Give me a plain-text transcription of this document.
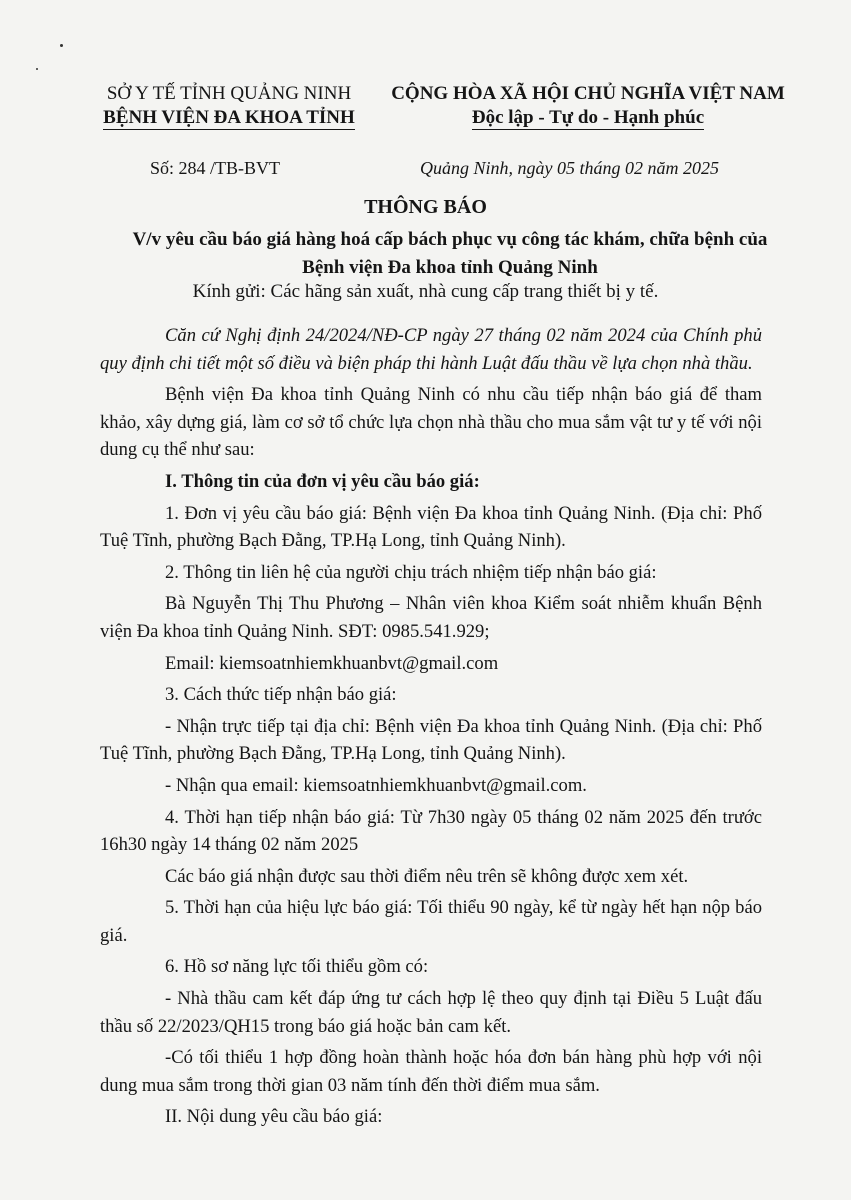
SỞ Y TẾ TỈNH QUẢNG NINH
BỆNH VIỆN ĐA KHOA TỈNH
CỘNG HÒA XÃ HỘI CHỦ NGHĨA VIỆT NAM
Độc lập - Tự do - Hạnh phúc
Số: 284 /TB-BVT	Quảng Ninh, ngày 05 tháng 02 năm 2025
THÔNG BÁO
V/v yêu cầu báo giá hàng hoá cấp bách phục vụ công tác khám, chữa bệnh của Bệnh viện Đa khoa tỉnh Quảng Ninh
Kính gửi: Các hãng sản xuất, nhà cung cấp trang thiết bị y tế.

Căn cứ Nghị định 24/2024/NĐ-CP ngày 27 tháng 02 năm 2024 của Chính phủ quy định chi tiết một số điều và biện pháp thi hành Luật đấu thầu về lựa chọn nhà thầu.

Bệnh viện Đa khoa tỉnh Quảng Ninh có nhu cầu tiếp nhận báo giá để tham khảo, xây dựng giá, làm cơ sở tổ chức lựa chọn nhà thầu cho mua sắm vật tư y tế với nội dung cụ thể như sau:

I. Thông tin của đơn vị yêu cầu báo giá:

1. Đơn vị yêu cầu báo giá: Bệnh viện Đa khoa tỉnh Quảng Ninh. (Địa chỉ: Phố Tuệ Tĩnh, phường Bạch Đằng, TP.Hạ Long, tỉnh Quảng Ninh).

2. Thông tin liên hệ của người chịu trách nhiệm tiếp nhận báo giá:

Bà Nguyễn Thị Thu Phương – Nhân viên khoa Kiểm soát nhiễm khuẩn Bệnh viện Đa khoa tỉnh Quảng Ninh. SĐT: 0985.541.929;

Email: kiemsoatnhiemkhuanbvt@gmail.com

3. Cách thức tiếp nhận báo giá:

- Nhận trực tiếp tại địa chỉ: Bệnh viện Đa khoa tỉnh Quảng Ninh. (Địa chỉ: Phố Tuệ Tĩnh, phường Bạch Đằng, TP.Hạ Long, tỉnh Quảng Ninh).

- Nhận qua email: kiemsoatnhiemkhuanbvt@gmail.com.

4. Thời hạn tiếp nhận báo giá: Từ 7h30 ngày 05 tháng 02 năm 2025 đến trước 16h30 ngày 14 tháng 02 năm 2025

Các báo giá nhận được sau thời điểm nêu trên sẽ không được xem xét.

5. Thời hạn của hiệu lực báo giá: Tối thiểu 90 ngày, kể từ ngày hết hạn nộp báo giá.

6. Hồ sơ năng lực tối thiểu gồm có:

- Nhà thầu cam kết đáp ứng tư cách hợp lệ theo quy định tại Điều 5 Luật đấu thầu số 22/2023/QH15 trong báo giá hoặc bản cam kết.

-Có tối thiểu 1 hợp đồng hoàn thành hoặc hóa đơn bán hàng phù hợp với nội dung mua sắm trong thời gian 03 năm tính đến thời điểm mua sắm.

II. Nội dung yêu cầu báo giá:
